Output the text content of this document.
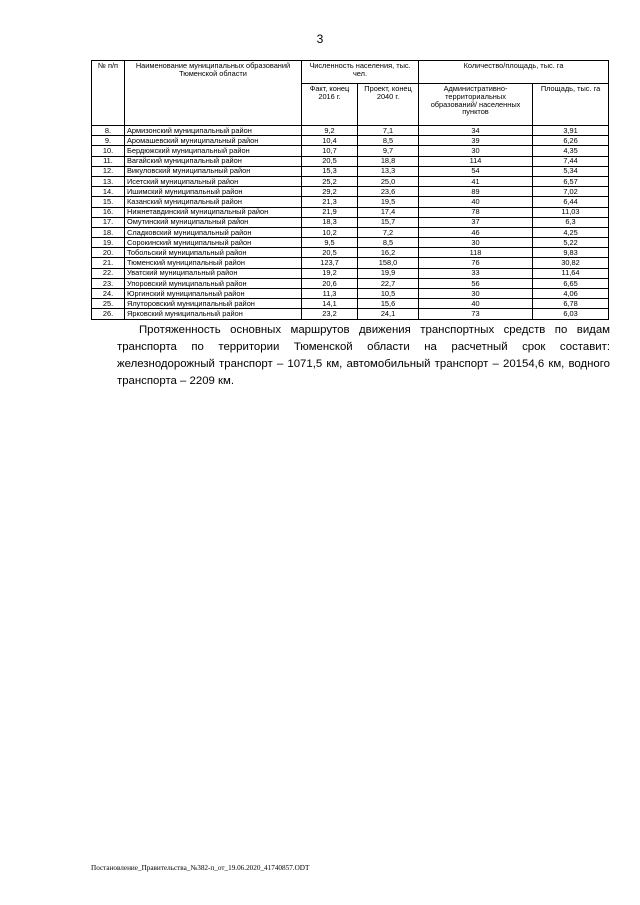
3
№ п/п	Наименование муниципальных образований Тюменской области	Численность населения, тыс. чел.		Количество/площадь, тыс. га	
		Факт, конец 2016 г.	Проект, конец 2040 г.	Административно-территориальных образований/ населенных пунктов	Площадь, тыс. га
8.	Армизонский муниципальный район	9,2	7,1	34	3,91
9.	Аромашевский муниципальный район	10,4	8,5	39	6,26
10.	Бердюжский муниципальный район	10,7	9,7	30	4,35
11.	Вагайский муниципальный район	20,5	18,8	114	7,44
12.	Викуловский муниципальный район	15,3	13,3	54	5,34
13.	Исетский муниципальный район	25,2	25,0	41	6,57
14.	Ишимский муниципальный район	29,2	23,6	89	7,02
15.	Казанский муниципальный район	21,3	19,5	40	6,44
16.	Нижнетавдинский муниципальный район	21,9	17,4	78	11,03
17.	Омутинский муниципальный район	18,3	15,7	37	6,3
18.	Сладковский муниципальный район	10,2	7,2	46	4,25
19.	Сорокинский муниципальный район	9,5	8,5	30	5,22
20.	Тобольский муниципальный район	20,5	16,2	118	9,83
21.	Тюменский муниципальный район	123,7	158,0	76	30,82
22.	Уватский муниципальный район	19,2	19,9	33	11,64
23.	Упоровский муниципальный район	20,6	22,7	56	6,65
24.	Юргинский муниципальный район	11,3	10,5	30	4,06
25.	Ялуторовский муниципальный район	14,1	15,6	40	6,78
26.	Ярковский муниципальный район	23,2	24,1	73	6,03

Протяженность основных маршрутов движения транспортных средств по видам транспорта по территории Тюменской области на расчетный срок составит: железнодорожный транспорт – 1071,5 км, автомобильный транспорт – 20154,6 км, водного транспорта – 2209 км.

Постановление_Правительства_№382-п_от_19.06.2020_41740857.ODT
